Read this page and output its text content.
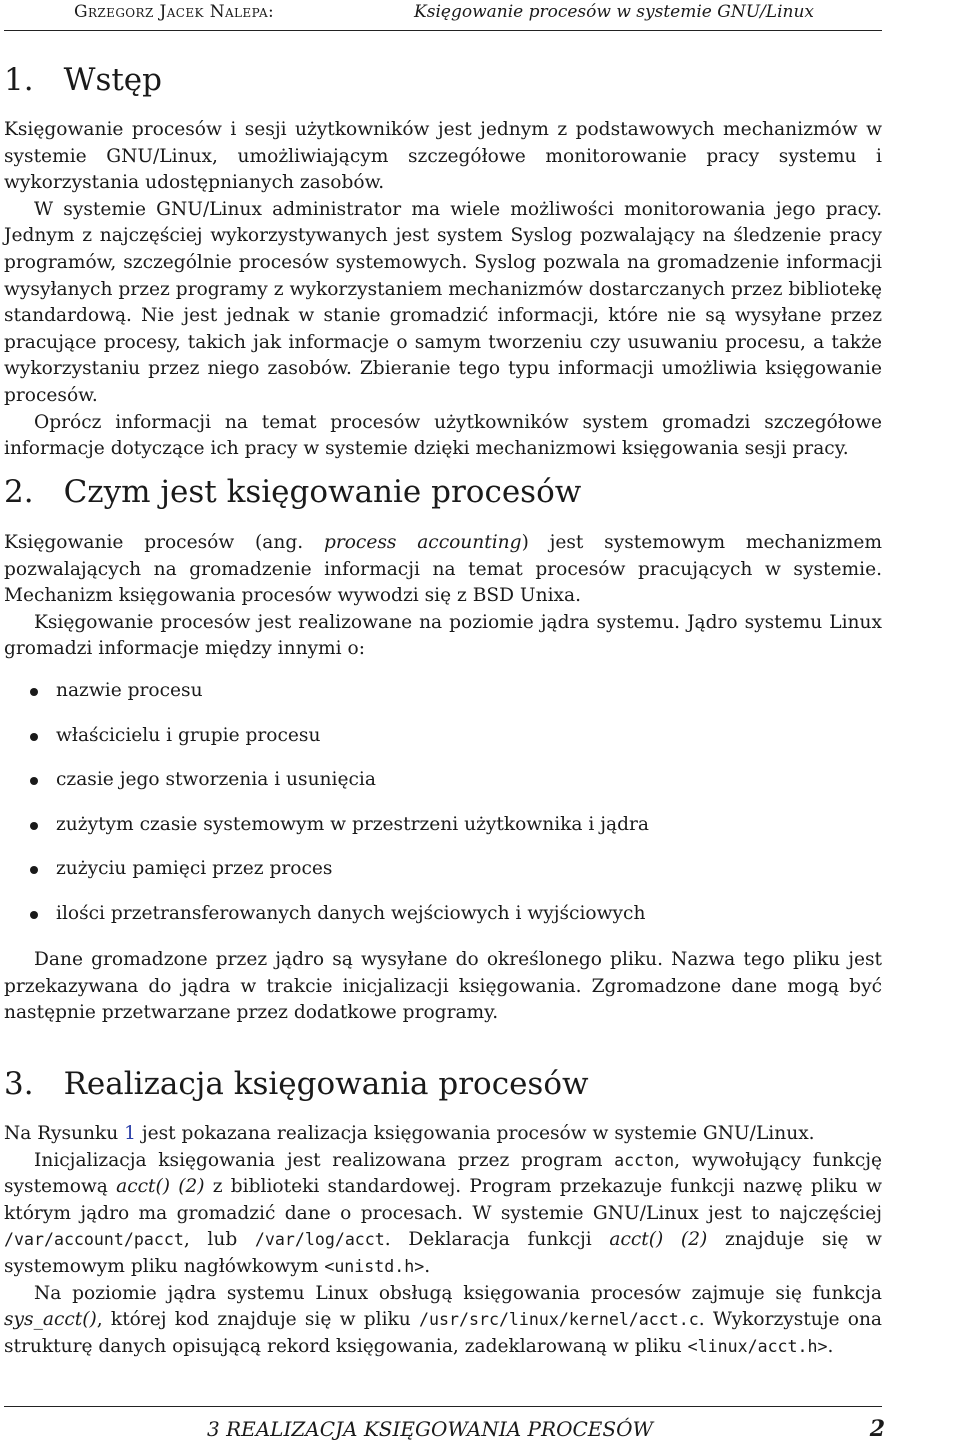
Grzegorz Jacek Nalepa:	Księgowanie procesów w systemie GNU/Linux
1. Wstęp

Księgowanie procesów i sesji użytkowników jest jednym z podstawowych mechanizmów w systemie GNU/Linux, umożliwiającym szczegółowe monitorowanie pracy systemu i wykorzystania udostępnianych zasobów.

W systemie GNU/Linux administrator ma wiele możliwości monitorowania jego pracy. Jednym z najczęściej wykorzystywanych jest system Syslog pozwalający na śledzenie pracy programów, szczególnie procesów systemowych. Syslog pozwala na gromadzenie informacji wysyłanych przez programy z wykorzystaniem mechanizmów dostarczanych przez bibliotekę standardową. Nie jest jednak w stanie gromadzić informacji, które nie są wysyłane przez pracujące procesy, takich jak informacje o samym tworzeniu czy usuwaniu procesu, a także wykorzystaniu przez niego zasobów. Zbieranie tego typu informacji umożliwia księgowanie procesów.

Oprócz informacji na temat procesów użytkowników system gromadzi szczegółowe informacje dotyczące ich pracy w systemie dzięki mechanizmowi księgowania sesji pracy.

2. Czym jest księgowanie procesów

Księgowanie procesów (ang. process accounting) jest systemowym mechanizmem pozwalających na gromadzenie informacji na temat procesów pracujących w systemie. Mechanizm księgowania procesów wywodzi się z BSD Unixa.

Księgowanie procesów jest realizowane na poziomie jądra systemu. Jądro systemu Linux gromadzi informacje między innymi o:

nazwie procesu
właścicielu i grupie procesu
czasie jego stworzenia i usunięcia
zużytym czasie systemowym w przestrzeni użytkownika i jądra
zużyciu pamięci przez proces
ilości przetransferowanych danych wejściowych i wyjściowych

Dane gromadzone przez jądro są wysyłane do określonego pliku. Nazwa tego pliku jest przekazywana do jądra w trakcie inicjalizacji księgowania. Zgromadzone dane mogą być następnie przetwarzane przez dodatkowe programy.

3. Realizacja księgowania procesów

Na Rysunku 1 jest pokazana realizacja księgowania procesów w systemie GNU/Linux.

Inicjalizacja księgowania jest realizowana przez program accton, wywołujący funkcję systemową acct() (2) z biblioteki standardowej. Program przekazuje funkcji nazwę pliku w którym jądro ma gromadzić dane o procesach. W systemie GNU/Linux jest to najczęściej /var/account/pacct, lub /var/log/acct. Deklaracja funkcji acct() (2) znajduje się w systemowym pliku nagłówkowym <unistd.h>.

Na poziomie jądra systemu Linux obsługą księgowania procesów zajmuje się funkcja sys_acct(), której kod znajduje się w pliku /usr/src/linux/kernel/acct.c. Wykorzystuje ona strukturę danych opisującą rekord księgowania, zadeklarowaną w pliku <linux/acct.h>.

3 REALIZACJA KSIĘGOWANIA PROCESÓW	2
